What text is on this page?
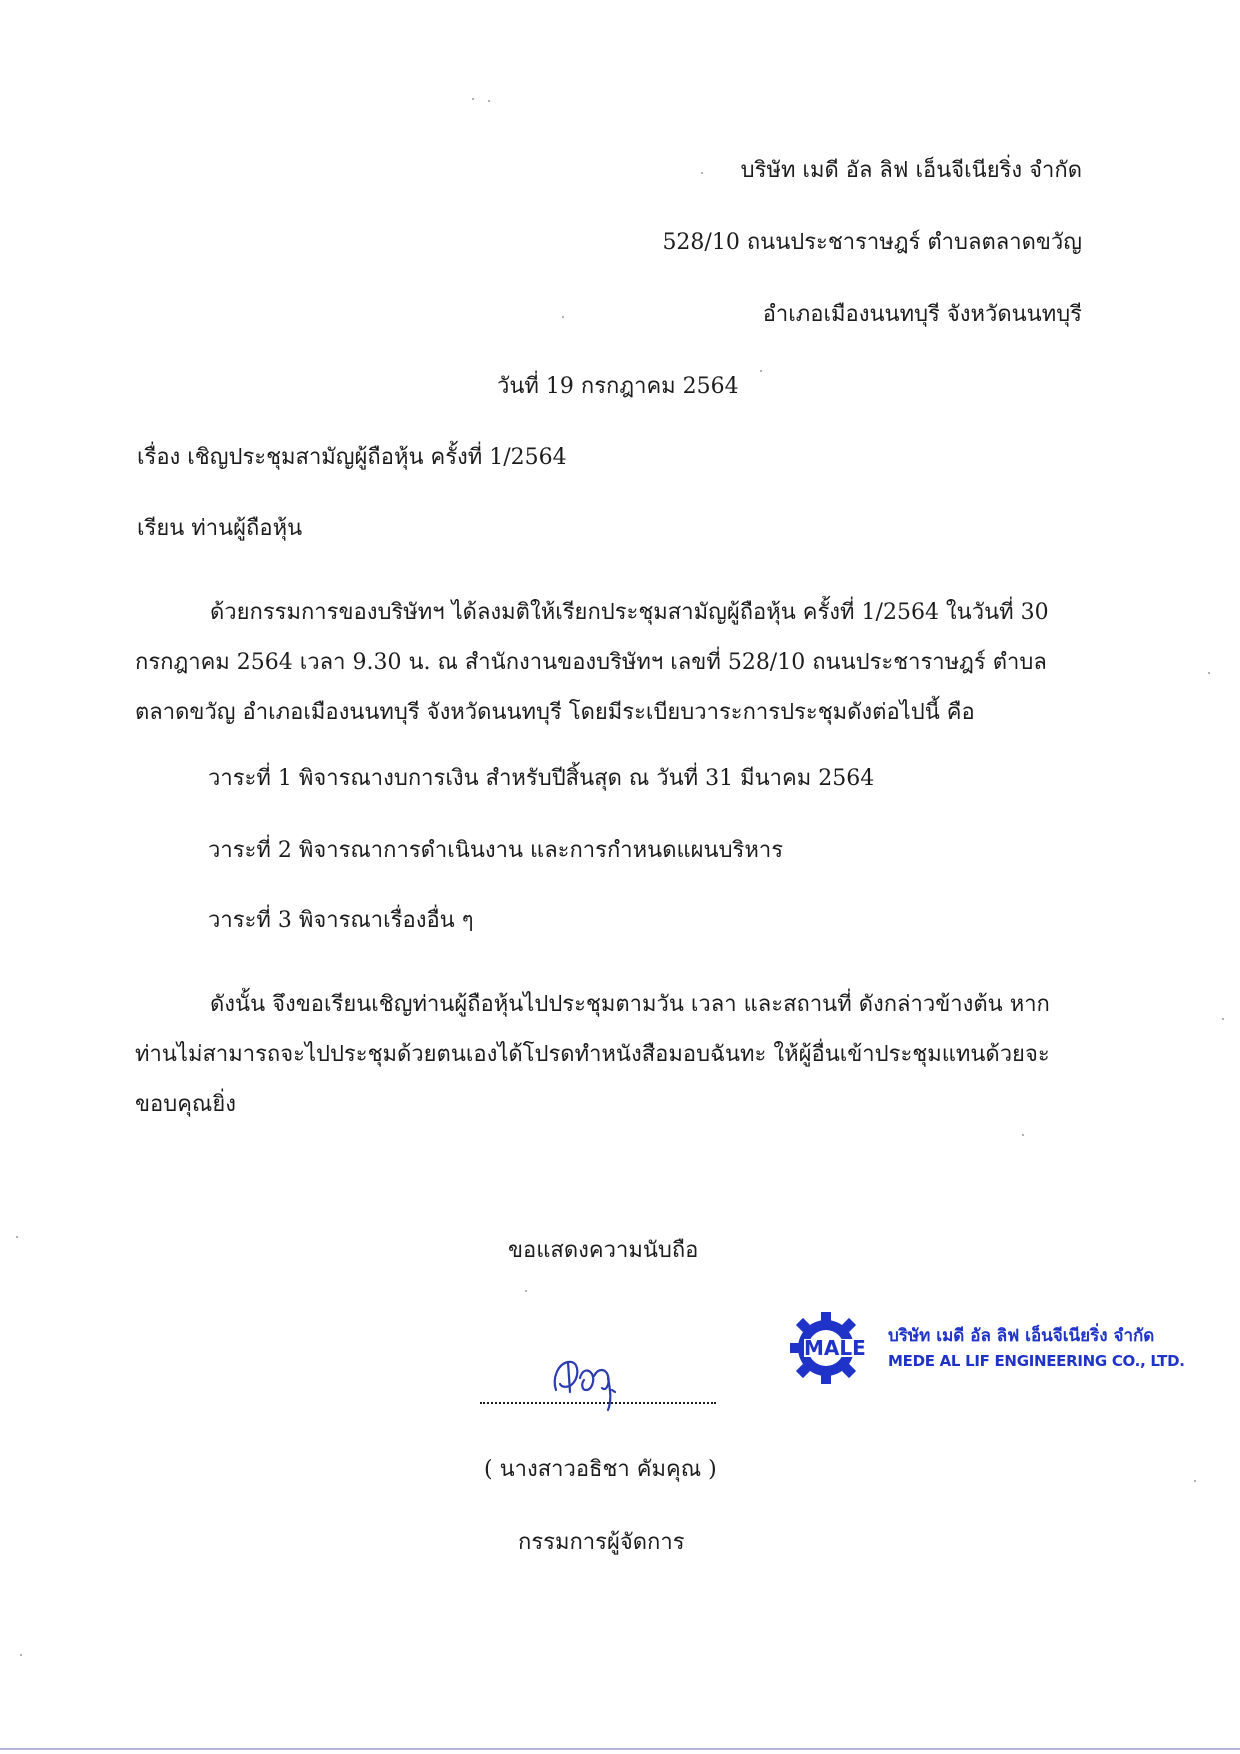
บริษัท เมดี อัล ลิฟ เอ็นจีเนียริ่ง จำกัด
528/10 ถนนประชาราษฎร์ ตำบลตลาดขวัญ
อำเภอเมืองนนทบุรี จังหวัดนนทบุรี
วันที่ 19 กรกฎาคม 2564
เรื่อง เชิญประชุมสามัญผู้ถือหุ้น ครั้งที่ 1/2564
เรียน ท่านผู้ถือหุ้น
ด้วยกรรมการของบริษัทฯ ได้ลงมติให้เรียกประชุมสามัญผู้ถือหุ้น ครั้งที่ 1/2564 ในวันที่ 30 กรกฎาคม 2564 เวลา 9.30 น. ณ สำนักงานของบริษัทฯ เลขที่ 528/10 ถนนประชาราษฎร์ ตำบลตลาดขวัญ อำเภอเมืองนนทบุรี จังหวัดนนทบุรี โดยมีระเบียบวาระการประชุมดังต่อไปนี้ คือ
วาระที่ 1 พิจารณางบการเงิน สำหรับปีสิ้นสุด ณ วันที่ 31 มีนาคม 2564
วาระที่ 2 พิจารณาการดำเนินงาน และการกำหนดแผนบริหาร
วาระที่ 3 พิจารณาเรื่องอื่น ๆ
ดังนั้น จึงขอเรียนเชิญท่านผู้ถือหุ้นไปประชุมตามวัน เวลา และสถานที่ ดังกล่าวข้างต้น หากท่านไม่สามารถจะไปประชุมด้วยตนเองได้โปรดทำหนังสือมอบฉันทะ ให้ผู้อื่นเข้าประชุมแทนด้วยจะขอบคุณยิ่ง
ขอแสดงความนับถือ
( นางสาวอธิชา คัมคุณ )
กรรมการผู้จัดการ
MALE บริษัท เมดี อัล ลิฟ เอ็นจีเนียริ่ง จำกัด
MEDE AL LIF ENGINEERING CO., LTD.
